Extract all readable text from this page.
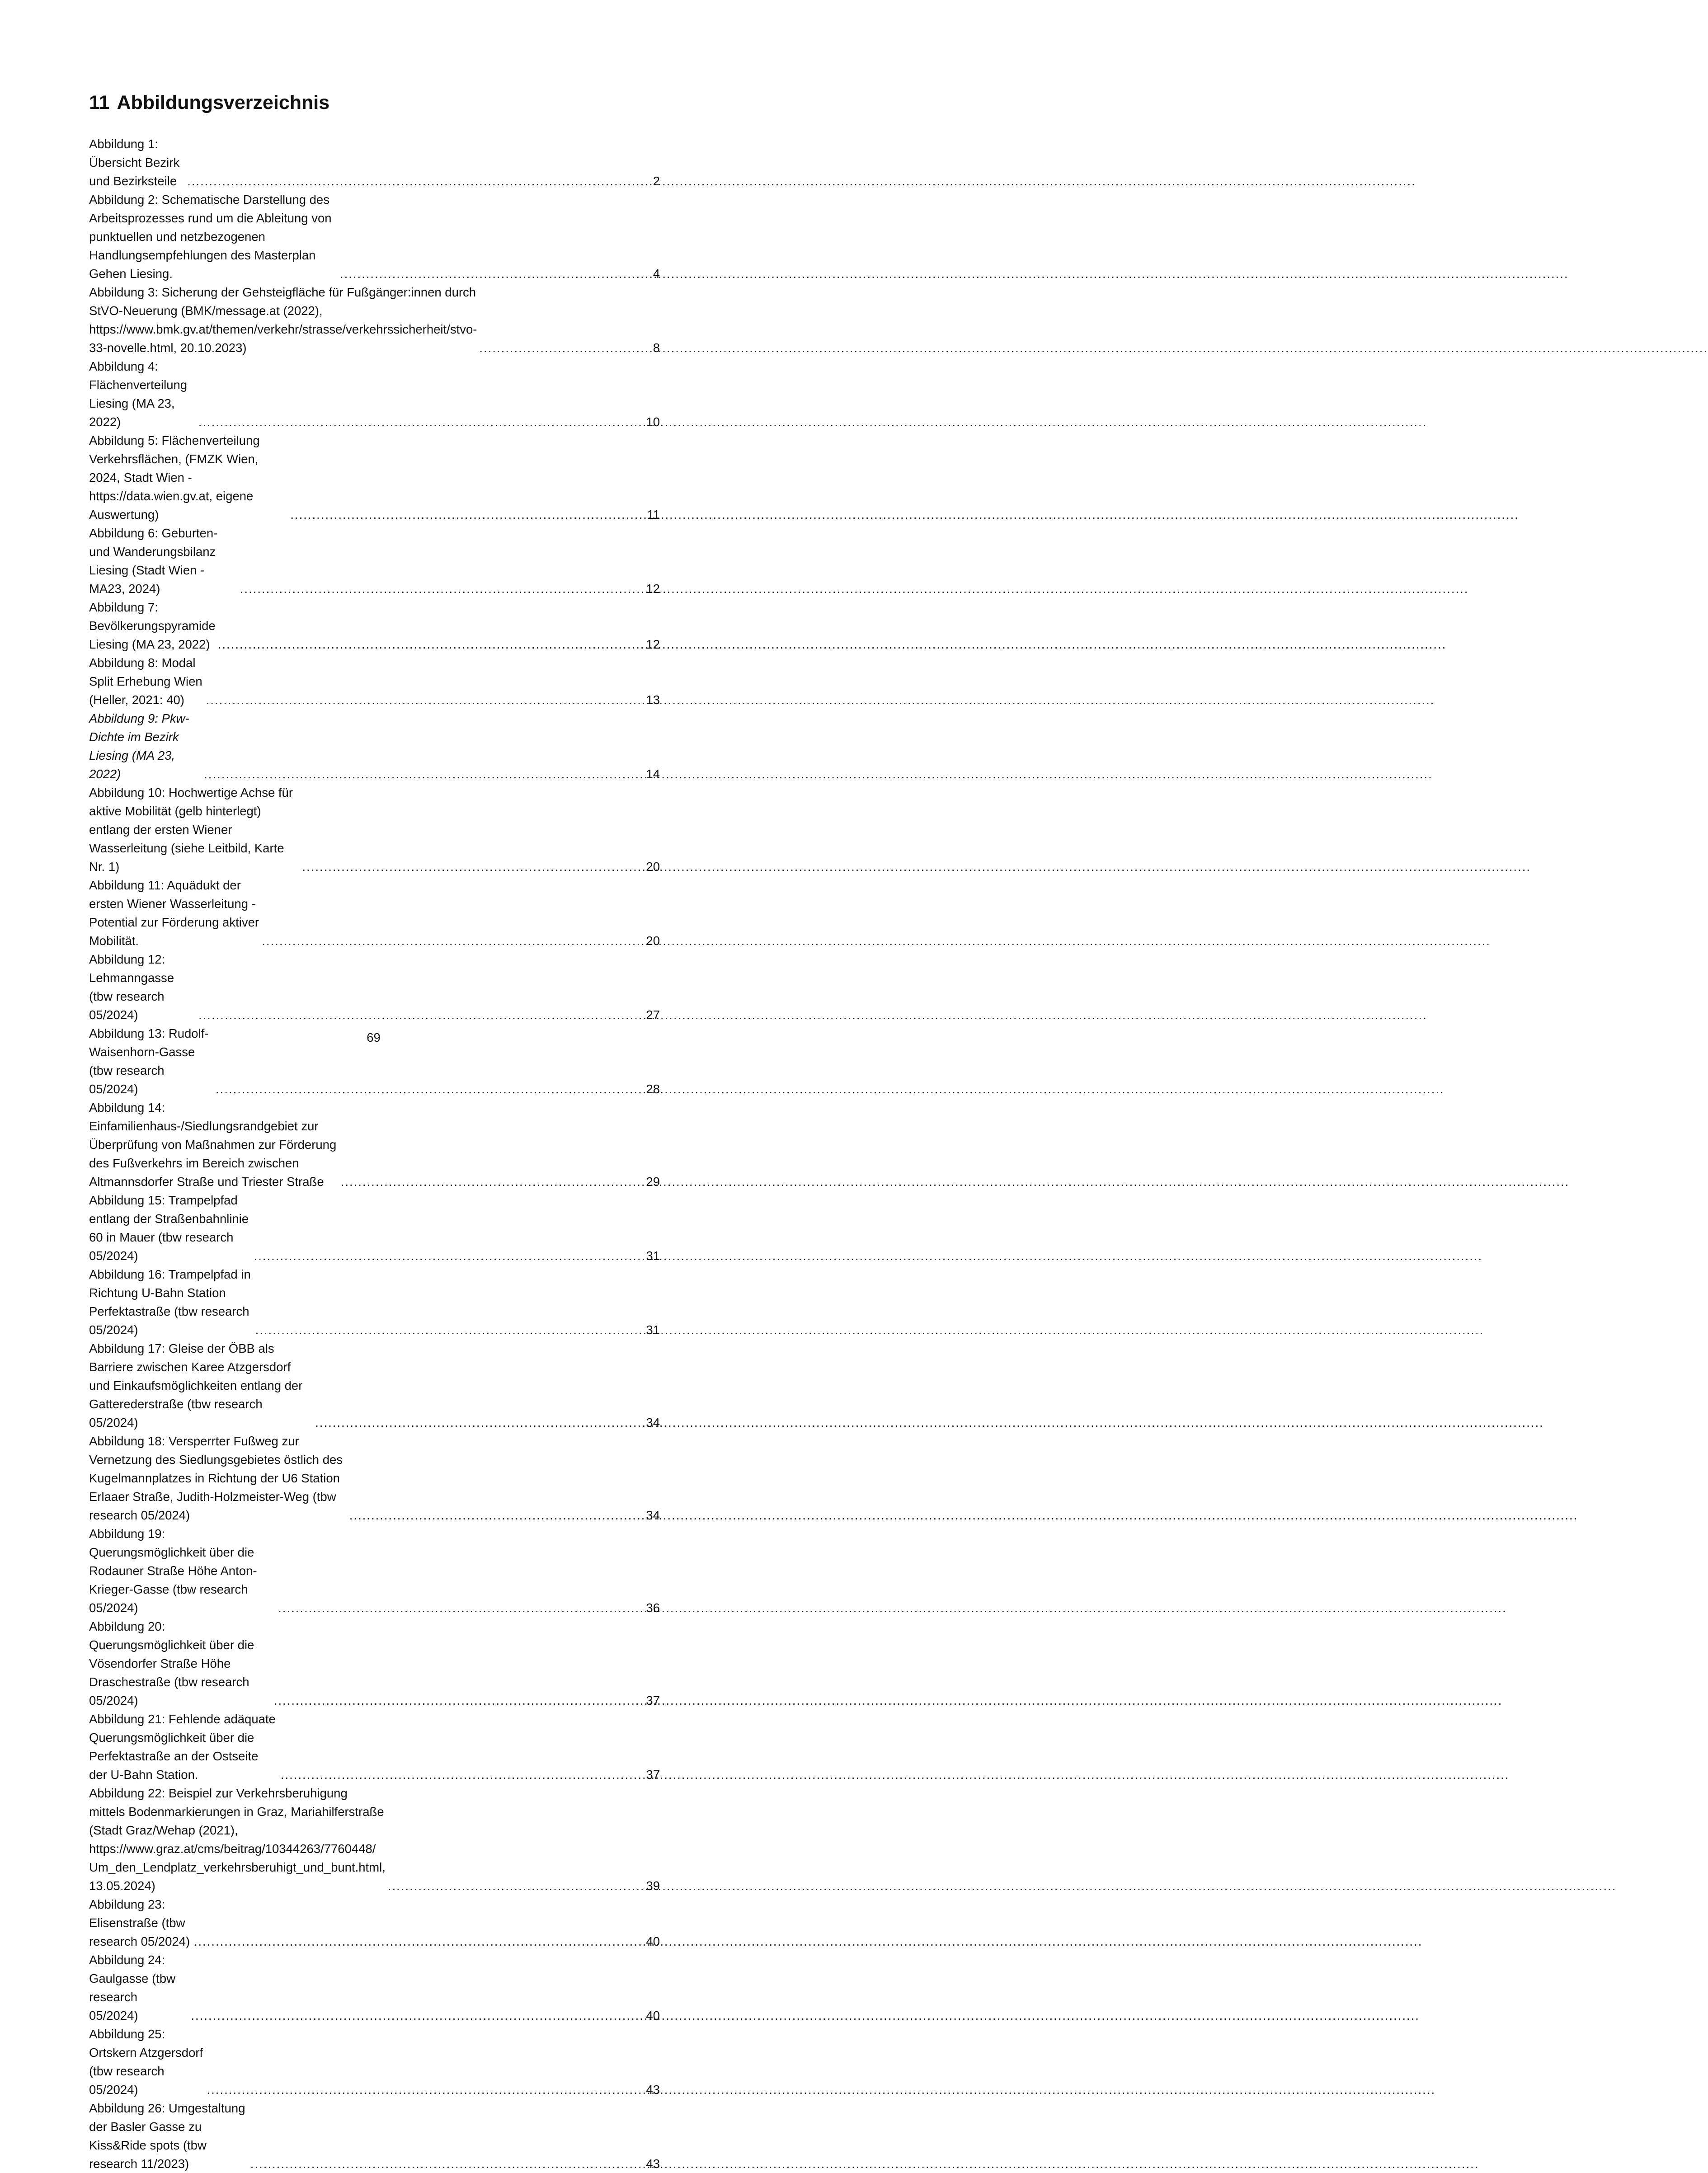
11 Abbildungsverzeichnis
Abbildung 1: Übersicht Bezirk und Bezirksteile .....	2
Abbildung 2: Schematische Darstellung des Arbeitsprozesses rund um die Ableitung von punktuellen und netzbezogenen Handlungsempfehlungen des Masterplan Gehen Liesing. .....	4
Abbildung 3: Sicherung der Gehsteigfläche für Fußgänger:innen durch StVO-Neuerung (BMK/message.at (2022), https://www.bmk.gv.at/themen/verkehr/strasse/verkehrssicherheit/stvo-33-novelle.html, 20.10.2023) .....	8
Abbildung 4: Flächenverteilung Liesing (MA 23, 2022) .....	10
Abbildung 5: Flächenverteilung Verkehrsflächen, (FMZK Wien, 2024, Stadt Wien - https://data.wien.gv.at, eigene Auswertung) .....	11
Abbildung 6: Geburten- und Wanderungsbilanz Liesing (Stadt Wien - MA23, 2024) .....	12
Abbildung 7: Bevölkerungspyramide Liesing (MA 23, 2022) .....	12
Abbildung 8: Modal Split Erhebung Wien (Heller, 2021: 40) .....	13
Abbildung 9: Pkw-Dichte im Bezirk Liesing (MA 23, 2022) .....	14
Abbildung 10: Hochwertige Achse für aktive Mobilität (gelb hinterlegt) entlang der ersten Wiener Wasserleitung (siehe Leitbild, Karte Nr. 1) .....	20
Abbildung 11: Aquädukt der ersten Wiener Wasserleitung - Potential zur Förderung aktiver Mobilität. .....	20
Abbildung 12: Lehmanngasse (tbw research 05/2024) .....	27
Abbildung 13: Rudolf-Waisenhorn-Gasse (tbw research 05/2024) .....	28
Abbildung 14: Einfamilienhaus-/Siedlungsrandgebiet zur Überprüfung von Maßnahmen zur Förderung des Fußverkehrs im Bereich zwischen Altmannsdorfer Straße und Triester Straße .....	29
Abbildung 15: Trampelpfad entlang der Straßenbahnlinie 60 in Mauer (tbw research 05/2024) .....	31
Abbildung 16: Trampelpfad in Richtung U-Bahn Station Perfektastraße (tbw research 05/2024) .....	31
Abbildung 17: Gleise der ÖBB als Barriere zwischen Karee Atzgersdorf und Einkaufsmöglichkeiten entlang der Gatterederstraße (tbw research 05/2024) .....	34
Abbildung 18: Versperrter Fußweg zur Vernetzung des Siedlungsgebietes östlich des Kugelmannplatzes in Richtung der U6 Station Erlaaer Straße, Judith-Holzmeister-Weg (tbw research 05/2024) .....	34
Abbildung 19: Querungsmöglichkeit über die Rodauner Straße Höhe Anton-Krieger-Gasse (tbw research 05/2024) .....	36
Abbildung 20: Querungsmöglichkeit über die Vösendorfer Straße Höhe Draschestraße (tbw research 05/2024) .....	37
Abbildung 21: Fehlende adäquate Querungsmöglichkeit über die Perfektastraße an der Ostseite der U-Bahn Station. .....	37
Abbildung 22: Beispiel zur Verkehrsberuhigung mittels Bodenmarkierungen in Graz, Mariahilferstraße (Stadt Graz/Wehap (2021), https://www.graz.at/cms/beitrag/10344263/7760448/ Um_den_Lendplatz_verkehrsberuhigt_und_bunt.html, 13.05.2024) .....	39
Abbildung 23: Elisenstraße (tbw research 05/2024) .....	40
Abbildung 24: Gaulgasse (tbw research 05/2024) .....	40
Abbildung 25: Ortskern Atzgersdorf (tbw research 05/2024) .....	43
Abbildung 26: Umgestaltung der Basler Gasse zu Kiss&Ride spots (tbw research 11/2023) .....	43
69
